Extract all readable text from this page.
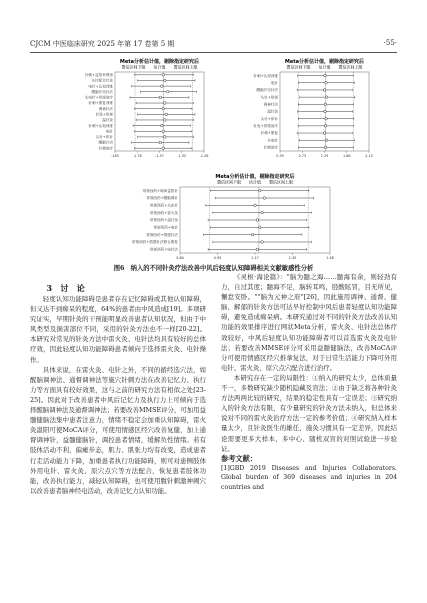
CJCM 中医临床研究 2025 年第 17 卷第 5 期	·55·
Meta分析估计值，剔除指定研究后
置信区间下限　　估计值　　置信区间上限
针刺+益智补肾汤
头针配合针灸
电针+认知训练
醒脑开窍针法
头电针+常规治疗
针刺+康复训练
调神针法
针灸+常规
温针灸
针刺+认知训练
电针
头针+体针
醒脑开窍
针刺治疗
-185	-1.78	-1.57	-1.52	-1.26
Meta分析估计值，剔除指定研究后
置信区间下限　　估计值　　置信区间上限
针刺+认知训练
电针
醒脑开窍针法
头针+常规
调神针法
温针灸
头针+体针
针灸+常规治疗
针刺+康复
头电针
针刺治疗
0.39	0.73	1.29	1.86	2.15
Meta分析估计值，剔除指定研究后
置信区间下限　　估计值　　置信区间上限
常规西药+调神益智针
常规西药+醒脑调针
常规西药+头皮针
常规西药+雷火灸
常规西药+温针灸
常规西药+电针
常规西药+情感针法
常规西药+情感针法联合康复
常规西药+电针法
0.84	0.95	1.17	1.35	1.48
图6　纳入的不同针灸疗法改善中风后轻度认知障碍相关文献敏感性分析

3　讨　论

轻度认知功能障碍是患者存在记忆障碍或其他认知障碍，但又达不到痴呆的程度，64%的患者由中风造成[19]。多项研究证实，早期针灸的干预能明显改善患者认知状况，但由于中风类型及损害部位不同，采用的针灸方法也不一样[20-22]。本研究对常见的针灸方法中雷火灸、电针法均具有较好的总体疗效，因此轻度认知功能障碍患者倾向于选择雷火灸、电针操作。

具体来说，在雷火灸、电针之外，不同的循经选穴法，如醒脑调神法、通督调神法等施穴针刺方法在改善记忆力、执行力等方面具有较好效果，这与之前的研究方法有相似之处[23-25]。因此对于改善患者中风后记忆力及执行力上可倾向于选择醒脑调神法及通督调神法；若要改善MMSE评分，可加用益髓健脑法集中患者注意力，情绪不稳定会加重认知障碍，雷火灸温阳可使MoCA评分，可使用情感区经穴改善复健，加上通督调神针，益髓健脑针，调控患者情绪，缓解负性情绪。若有肢体活动不利，偏瘫步态，肌力、肌张力均有改变，造成患者行走活动能力下降，加重患者执行功能障碍，则可对患侧肢体外用电针、雷火灸、原穴点穴等方法配合，恢复患者肢体功能，改善执行能力，减轻认知障碍，也可使用腹针刺激神阙穴以改善患者脑神经电活动，改善记忆力认知功能。

《灵枢·海论篇》："脑为髓之海……髓海有余，则轻劲有力，自过其度；髓海不足，脑转耳鸣，胫酸眩冒，目无所见，懈怠安卧。""脑为元神之府"[26]，因此施用调神、通督、健脑、解郁的针灸方法可达早好控制中风后患者轻度认知功能障碍，避免造成痴呆病。本研究通过对不同的针灸方法改善认知功能的效果排序进行网状Meta分析，雷火灸、电针法总体疗效较好，中风后轻度认知功能障碍者可以首选雷火灸及电针法；若要改善MMSE评分可采用益髓健脑法，改善MoCA评分可使用情感区经穴推拿复法，对于日常生活能力下降可外用电针、雷火灸、原穴点穴配合进行治疗。

本研究存在一定的局限性：①纳入的研究太少，总体质量不一，多数研究缺少随机隐藏及盲法；②由于缺乏将各种针灸方法两两比较的研究，结果的稳定性具有一定误差；③研究纳入的针灸方法有限，有少量研究的针灸方法未纳入，但总体来说对不同的雷火灸治疗方法一定的参考价值；④研究纳入样本量太少，且针灸医生的雄任、施灸习惯具有一定差异，因此结论需要更多大样本、多中心、随机双盲的对照试验进一步验证。

参考文献：

[1]GBD 2019 Diseases and Injuries Collaborators. Global burden of 369 diseases and injuries in 204 countries and
